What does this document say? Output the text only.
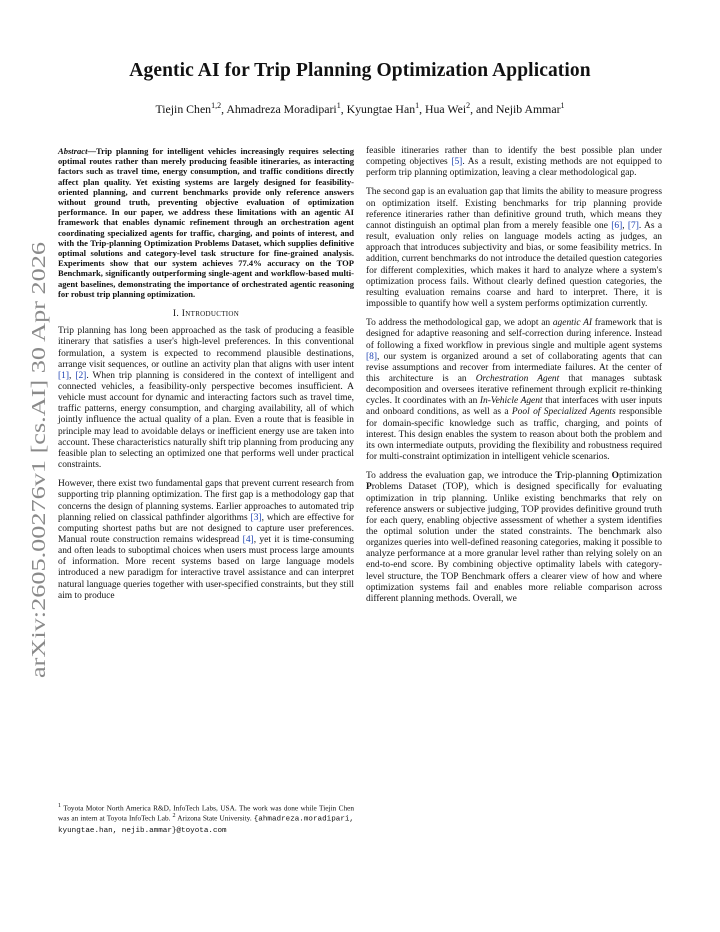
arXiv:2605.00276v1 [cs.AI] 30 Apr 2026
Agentic AI for Trip Planning Optimization Application
Tiejin Chen$^{1,2}$, Ahmadreza Moradipari$^1$, Kyungtae Han$^1$, Hua Wei$^2$, and Nejib Ammar$^1$

Abstract—Trip planning for intelligent vehicles increasingly requires selecting optimal routes rather than merely producing feasible itineraries, as interacting factors such as travel time, energy consumption, and traffic conditions directly affect plan quality. Yet existing systems are largely designed for feasibility-oriented planning, and current benchmarks provide only reference answers without ground truth, preventing objective evaluation of optimization performance. In our paper, we address these limitations with an agentic AI framework that enables dynamic refinement through an orchestration agent coordinating specialized agents for traffic, charging, and points of interest, and with the Trip-planning Optimization Problems Dataset, which supplies definitive optimal solutions and category-level task structure for fine-grained analysis. Experiments show that our system achieves 77.4% accuracy on the TOP Benchmark, significantly outperforming single-agent and workflow-based multi-agent baselines, demonstrating the importance of orchestrated agentic reasoning for robust trip planning optimization.

I. Introduction

Trip planning has long been approached as the task of producing a feasible itinerary that satisfies a user's high-level preferences. In this conventional formulation, a system is expected to recommend plausible destinations, arrange visit sequences, or outline an activity plan that aligns with user intent [1], [2]. When trip planning is considered in the context of intelligent and connected vehicles, a feasibility-only perspective becomes insufficient. A vehicle must account for dynamic and interacting factors such as travel time, traffic patterns, energy consumption, and charging availability, all of which jointly influence the actual quality of a plan. Even a route that is feasible in principle may lead to avoidable delays or inefficient energy use are taken into account. These characteristics naturally shift trip planning from producing any feasible plan to selecting an optimized one that performs well under practical constraints.

However, there exist two fundamental gaps that prevent current research from supporting trip planning optimization. The first gap is a methodology gap that concerns the design of planning systems. Earlier approaches to automated trip planning relied on classical pathfinder algorithms [3], which are effective for computing shortest paths but are not designed to capture user preferences. Manual route construction remains widespread [4], yet it is time-consuming and often leads to suboptimal choices when users must process large amounts of information. More recent systems based on large language models introduced a new paradigm for interactive travel assistance and can interpret natural language queries together with user-specified constraints, but they still aim to produce

$^1$ Toyota Motor North America R&D, InfoTech Labs, USA. The work was done while Tiejin Chen was an intern at Toyota InfoTech Lab. $^2$ Arizona State University. {ahmadreza.moradipari, kyungtae.han, nejib.ammar}@toyota.com

feasible itineraries rather than to identify the best possible plan under competing objectives [5]. As a result, existing methods are not equipped to perform trip planning optimization, leaving a clear methodological gap.

The second gap is an evaluation gap that limits the ability to measure progress on optimization itself. Existing benchmarks for trip planning provide reference itineraries rather than definitive ground truth, which means they cannot distinguish an optimal plan from a merely feasible one [6], [7]. As a result, evaluation only relies on language models acting as judges, an approach that introduces subjectivity and bias, or some feasibility metrics. In addition, current benchmarks do not introduce the detailed question categories for different complexities, which makes it hard to analyze where a system's optimization process fails. Without clearly defined question categories, the resulting evaluation remains coarse and hard to interpret. There, it is impossible to quantify how well a system performs optimization currently.

To address the methodological gap, we adopt an agentic AI framework that is designed for adaptive reasoning and self-correction during inference. Instead of following a fixed workflow in previous single and multiple agent systems [8], our system is organized around a set of collaborating agents that can revise assumptions and recover from intermediate failures. At the center of this architecture is an Orchestration Agent that manages subtask decomposition and oversees iterative refinement through explicit re-thinking cycles. It coordinates with an In-Vehicle Agent that interfaces with user inputs and onboard conditions, as well as a Pool of Specialized Agents responsible for domain-specific knowledge such as traffic, charging, and points of interest. This design enables the system to reason about both the problem and its own intermediate outputs, providing the flexibility and robustness required for multi-constraint optimization in intelligent vehicle scenarios.

To address the evaluation gap, we introduce the Trip-planning Optimization Problems Dataset (TOP), which is designed specifically for evaluating optimization in trip planning. Unlike existing benchmarks that rely on reference answers or subjective judging, TOP provides definitive ground truth for each query, enabling objective assessment of whether a system identifies the optimal solution under the stated constraints. The benchmark also organizes queries into well-defined reasoning categories, making it possible to analyze performance at a more granular level rather than relying solely on an end-to-end score. By combining objective optimality labels with category-level structure, the TOP Benchmark offers a clearer view of how and where optimization systems fail and enables more reliable comparison across different planning methods. Overall, we
